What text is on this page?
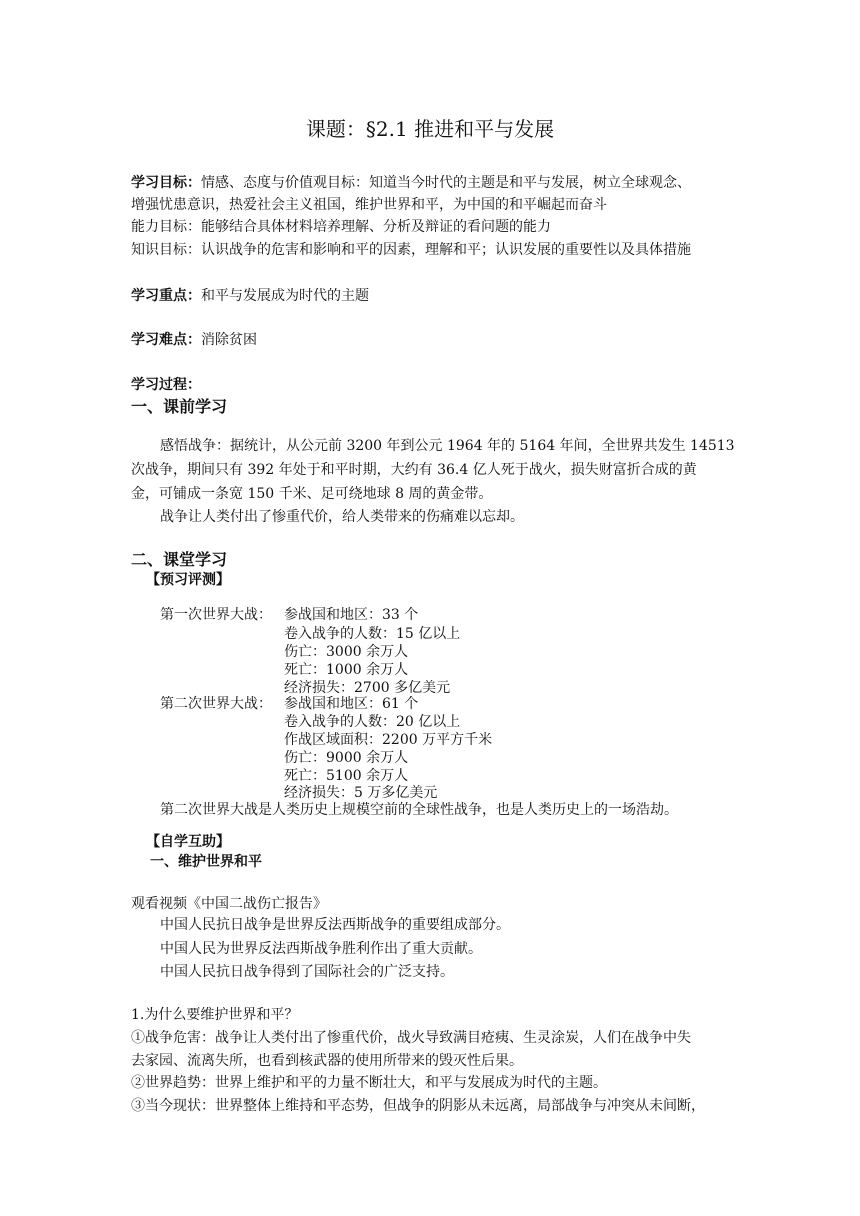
课题：§2.1 推进和平与发展
学习目标：情感、态度与价值观目标：知道当今时代的主题是和平与发展，树立全球观念、
增强忧患意识，热爱社会主义祖国，维护世界和平，为中国的和平崛起而奋斗
能力目标：能够结合具体材料培养理解、分析及辩证的看问题的能力
知识目标：认识战争的危害和影响和平的因素，理解和平；认识发展的重要性以及具体措施
学习重点：和平与发展成为时代的主题
学习难点：消除贫困
学习过程：
一、课前学习
感悟战争：据统计，从公元前 3200 年到公元 1964 年的 5164 年间，全世界共发生 14513
次战争，期间只有 392 年处于和平时期，大约有 36.4 亿人死于战火，损失财富折合成的黄
金，可铺成一条宽 150 千米、足可绕地球 8 周的黄金带。
战争让人类付出了惨重代价，给人类带来的伤痛难以忘却。
二、课堂学习
【预习评测】
第一次世界大战： 参战国和地区：33 个
卷入战争的人数：15 亿以上
伤亡：3000 余万人
死亡：1000 余万人
经济损失：2700 多亿美元
第二次世界大战： 参战国和地区：61 个
卷入战争的人数：20 亿以上
作战区域面积：2200 万平方千米
伤亡：9000 余万人
死亡：5100 余万人
经济损失：5 万多亿美元
第二次世界大战是人类历史上规模空前的全球性战争，也是人类历史上的一场浩劫。
【自学互助】
一、维护世界和平
观看视频《中国二战伤亡报告》
中国人民抗日战争是世界反法西斯战争的重要组成部分。
中国人民为世界反法西斯战争胜利作出了重大贡献。
中国人民抗日战争得到了国际社会的广泛支持。
1.为什么要维护世界和平？
①战争危害：战争让人类付出了惨重代价，战火导致满目疮痍、生灵涂炭，人们在战争中失
去家园、流离失所，也看到核武器的使用所带来的毁灭性后果。
②世界趋势：世界上维护和平的力量不断壮大，和平与发展成为时代的主题。
③当今现状：世界整体上维持和平态势，但战争的阴影从未远离，局部战争与冲突从未间断，
